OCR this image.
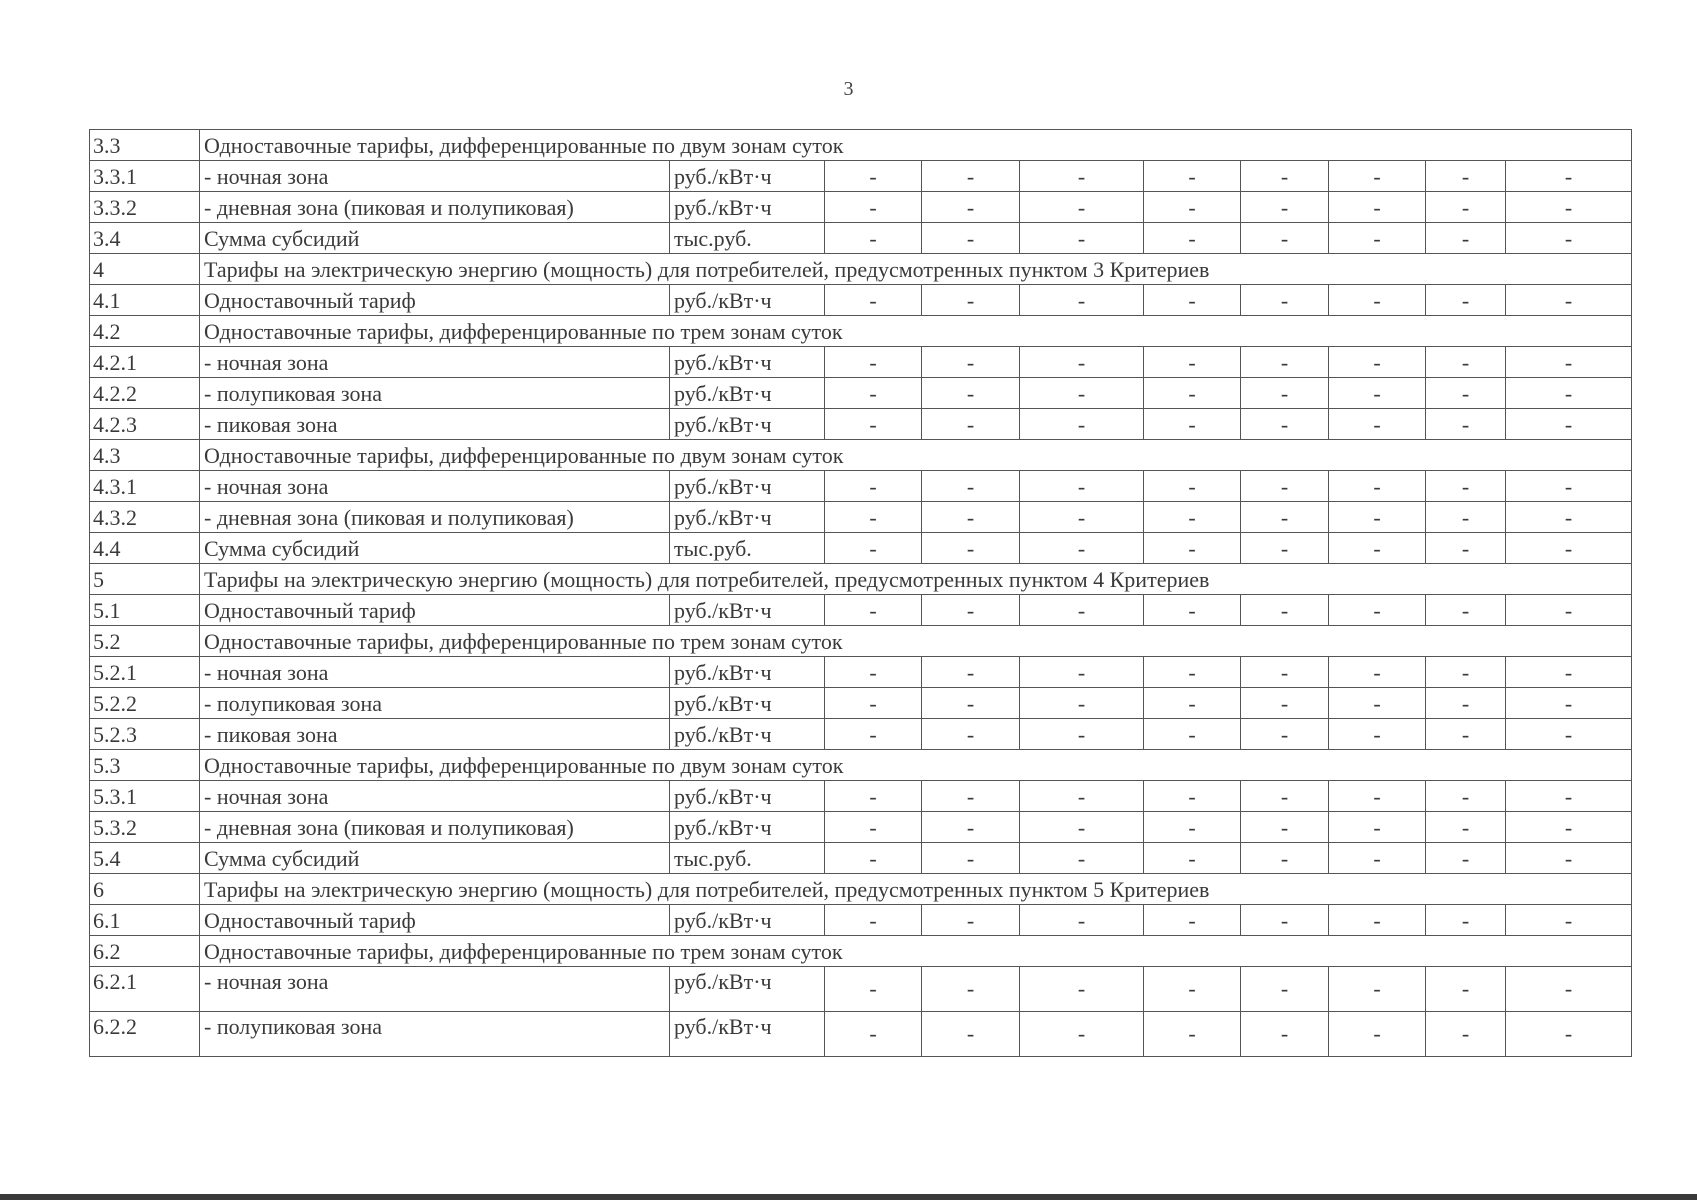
3
3.3	Одноставочные тарифы, дифференцированные по двум зонам суток									
3.3.1	- ночная зона	руб./кВт·ч	-	-	-	-	-	-	-	-
3.3.2	- дневная зона (пиковая и полупиковая)	руб./кВт·ч	-	-	-	-	-	-	-	-
3.4	Сумма субсидий	тыс.руб.	-	-	-	-	-	-	-	-
4	Тарифы на электрическую энергию (мощность) для потребителей, предусмотренных пунктом 3 Критериев									
4.1	Одноставочный тариф	руб./кВт·ч	-	-	-	-	-	-	-	-
4.2	Одноставочные тарифы, дифференцированные по трем зонам суток									
4.2.1	- ночная зона	руб./кВт·ч	-	-	-	-	-	-	-	-
4.2.2	- полупиковая зона	руб./кВт·ч	-	-	-	-	-	-	-	-
4.2.3	- пиковая зона	руб./кВт·ч	-	-	-	-	-	-	-	-
4.3	Одноставочные тарифы, дифференцированные по двум зонам суток									
4.3.1	- ночная зона	руб./кВт·ч	-	-	-	-	-	-	-	-
4.3.2	- дневная зона (пиковая и полупиковая)	руб./кВт·ч	-	-	-	-	-	-	-	-
4.4	Сумма субсидий	тыс.руб.	-	-	-	-	-	-	-	-
5	Тарифы на электрическую энергию (мощность) для потребителей, предусмотренных пунктом 4 Критериев									
5.1	Одноставочный тариф	руб./кВт·ч	-	-	-	-	-	-	-	-
5.2	Одноставочные тарифы, дифференцированные по трем зонам суток									
5.2.1	- ночная зона	руб./кВт·ч	-	-	-	-	-	-	-	-
5.2.2	- полупиковая зона	руб./кВт·ч	-	-	-	-	-	-	-	-
5.2.3	- пиковая зона	руб./кВт·ч	-	-	-	-	-	-	-	-
5.3	Одноставочные тарифы, дифференцированные по двум зонам суток									
5.3.1	- ночная зона	руб./кВт·ч	-	-	-	-	-	-	-	-
5.3.2	- дневная зона (пиковая и полупиковая)	руб./кВт·ч	-	-	-	-	-	-	-	-
5.4	Сумма субсидий	тыс.руб.	-	-	-	-	-	-	-	-
6	Тарифы на электрическую энергию (мощность) для потребителей, предусмотренных пунктом 5 Критериев									
6.1	Одноставочный тариф	руб./кВт·ч	-	-	-	-	-	-	-	-
6.2	Одноставочные тарифы, дифференцированные по трем зонам суток									
6.2.1	- ночная зона	руб./кВт·ч	-	-	-	-	-	-	-	-
6.2.2	- полупиковая зона	руб./кВт·ч	-	-	-	-	-	-	-	-
